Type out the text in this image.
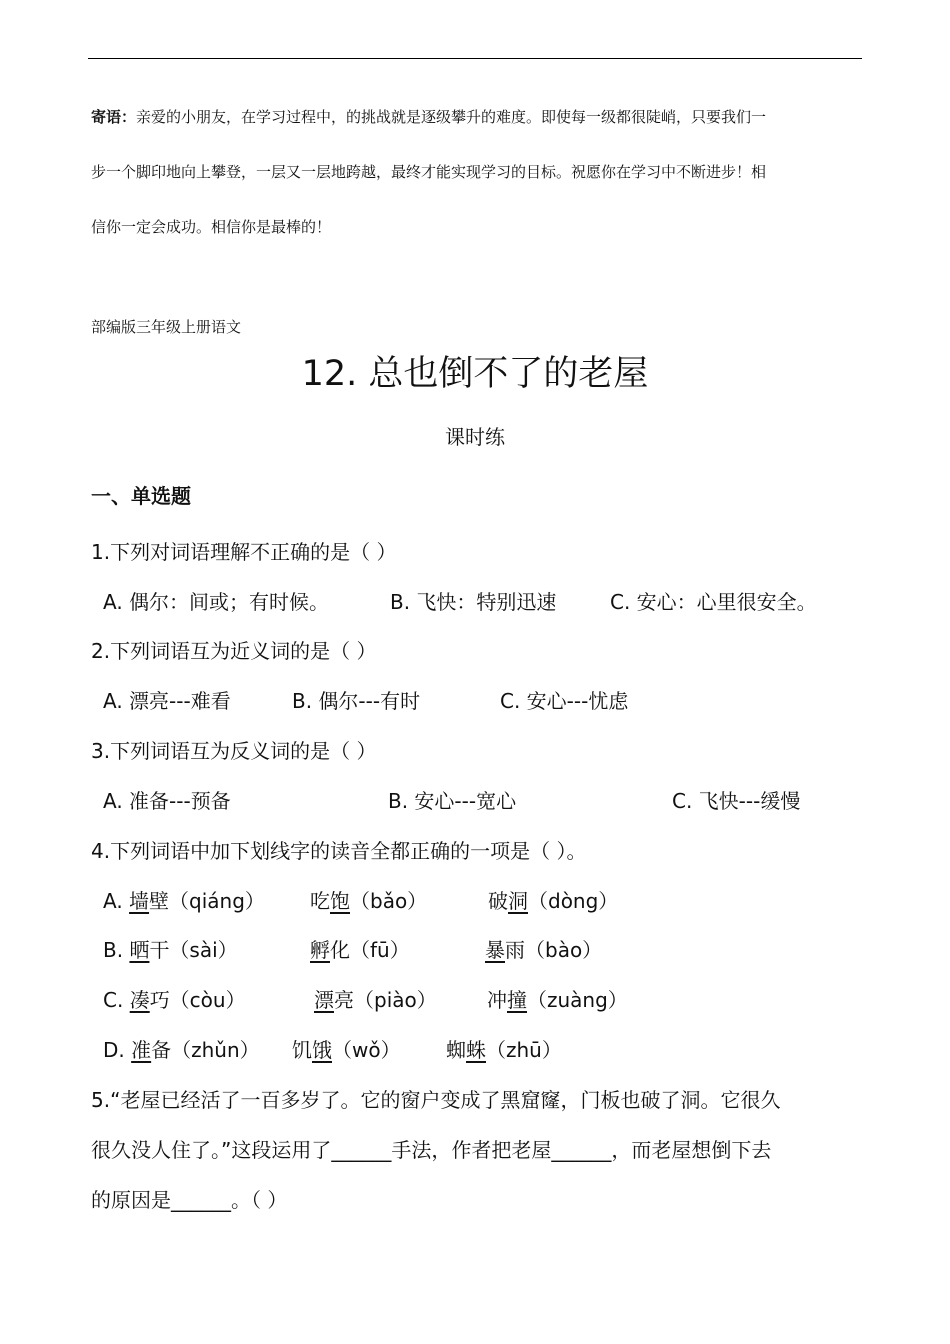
寄语：亲爱的小朋友，在学习过程中，的挑战就是逐级攀升的难度。即使每一级都很陡峭，只要我们一
步一个脚印地向上攀登，一层又一层地跨越，最终才能实现学习的目标。祝愿你在学习中不断进步！相
信你一定会成功。相信你是最棒的！
部编版三年级上册语文
12. 总也倒不了的老屋
课时练
一、单选题
1.下列对词语理解不正确的是（ ）
A. 偶尔：间或；有时候。	B. 飞快：特别迅速	C. 安心：心里很安全。
2.下列词语互为近义词的是（ ）
A. 漂亮---难看	B. 偶尔---有时	C. 安心---忧虑
3.下列词语互为反义词的是（ ）
A. 准备---预备	B. 安心---宽心	C. 飞快---缓慢
4.下列词语中加下划线字的读音全都正确的一项是（ ）。
A. 墙壁（qiáng） 吃饱（bǎo）	破洞（dòng）
B. 晒干（sài）	孵化（fū）	暴雨（bào）
C. 凑巧（còu）	漂亮（piào）	冲撞（zuàng）
D. 准备（zhǔn） 饥饿（wǒ） 蜘蛛（zhū）
5.“老屋已经活了一百多岁了。它的窗户变成了黑窟窿，门板也破了洞。它很久
很久没人住了。”这段运用了______手法，作者把老屋______，而老屋想倒下去
的原因是______。（ ）
